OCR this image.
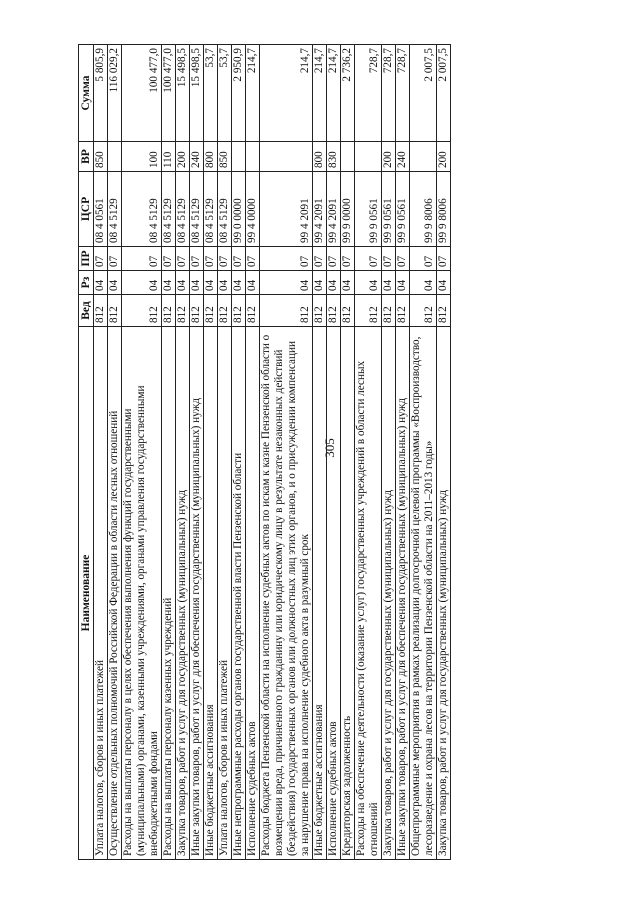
305
Наименование	Вед	Рз	ПР	ЦСР	ВР	Сумма
Уплата налогов, сборов и иных платежей	812	04	07	08 4 0561	850	5 805,9
Осуществление отдельных полномочий Российской Федерации в области лесных отношений	812	04	07	08 4 5129		116 029,2
Расходы на выплаты персоналу в целях обеспечения выполнения функций государственными (муниципальными) органами, казенными учреждениями, органами управления государственными внебюджетными фондами	812	04	07	08 4 5129	100	100 477,0
Расходы на выплаты персоналу казенных учреждений	812	04	07	08 4 5129	110	100 477,0
Закупка товаров, работ и услуг для государственных (муниципальных) нужд	812	04	07	08 4 5129	200	15 498,5
Иные закупки товаров, работ и услуг для обеспечения государственных (муниципальных) нужд	812	04	07	08 4 5129	240	15 498,5
Иные бюджетные ассигнования	812	04	07	08 4 5129	800	53,7
Уплата налогов, сборов и иных платежей	812	04	07	08 4 5129	850	53,7
Иные непрограммные расходы органов государственной власти Пензенской области	812	04	07	99 0 0000		2 950,9
Исполнение судебных актов	812	04	07	99 4 0000		214,7
Расходы бюджета Пензенской области на исполнение судебных актов по искам к казне Пензенской области о возмещении вреда, причиненного гражданину или юридическому лицу в результате незаконных действий (бездействия) государственных органов или должностных лиц этих органов, и о присуждении компенсации за нарушение права на исполнение судебного акта в разумный срок	812	04	07	99 4 2091		214,7
Иные бюджетные ассигнования	812	04	07	99 4 2091	800	214,7
Исполнение судебных актов	812	04	07	99 4 2091	830	214,7
Кредиторская задолженность	812	04	07	99 9 0000		2 736,2
Расходы на обеспечение деятельности (оказание услуг) государственных учреждений в области лесных отношений	812	04	07	99 9 0561		728,7
Закупка товаров, работ и услуг для государственных (муниципальных) нужд	812	04	07	99 9 0561	200	728,7
Иные закупки товаров, работ и услуг для обеспечения государственных (муниципальных) нужд	812	04	07	99 9 0561	240	728,7
Общепрограммные мероприятия в рамках реализации долгосрочной целевой программы «Воспроизводство, лесоразведение и охрана лесов на территории Пензенской области на 2011–2013 годы»	812	04	07	99 9 8006		2 007,5
Закупка товаров, работ и услуг для государственных (муниципальных) нужд	812	04	07	99 9 8006	200	2 007,5
